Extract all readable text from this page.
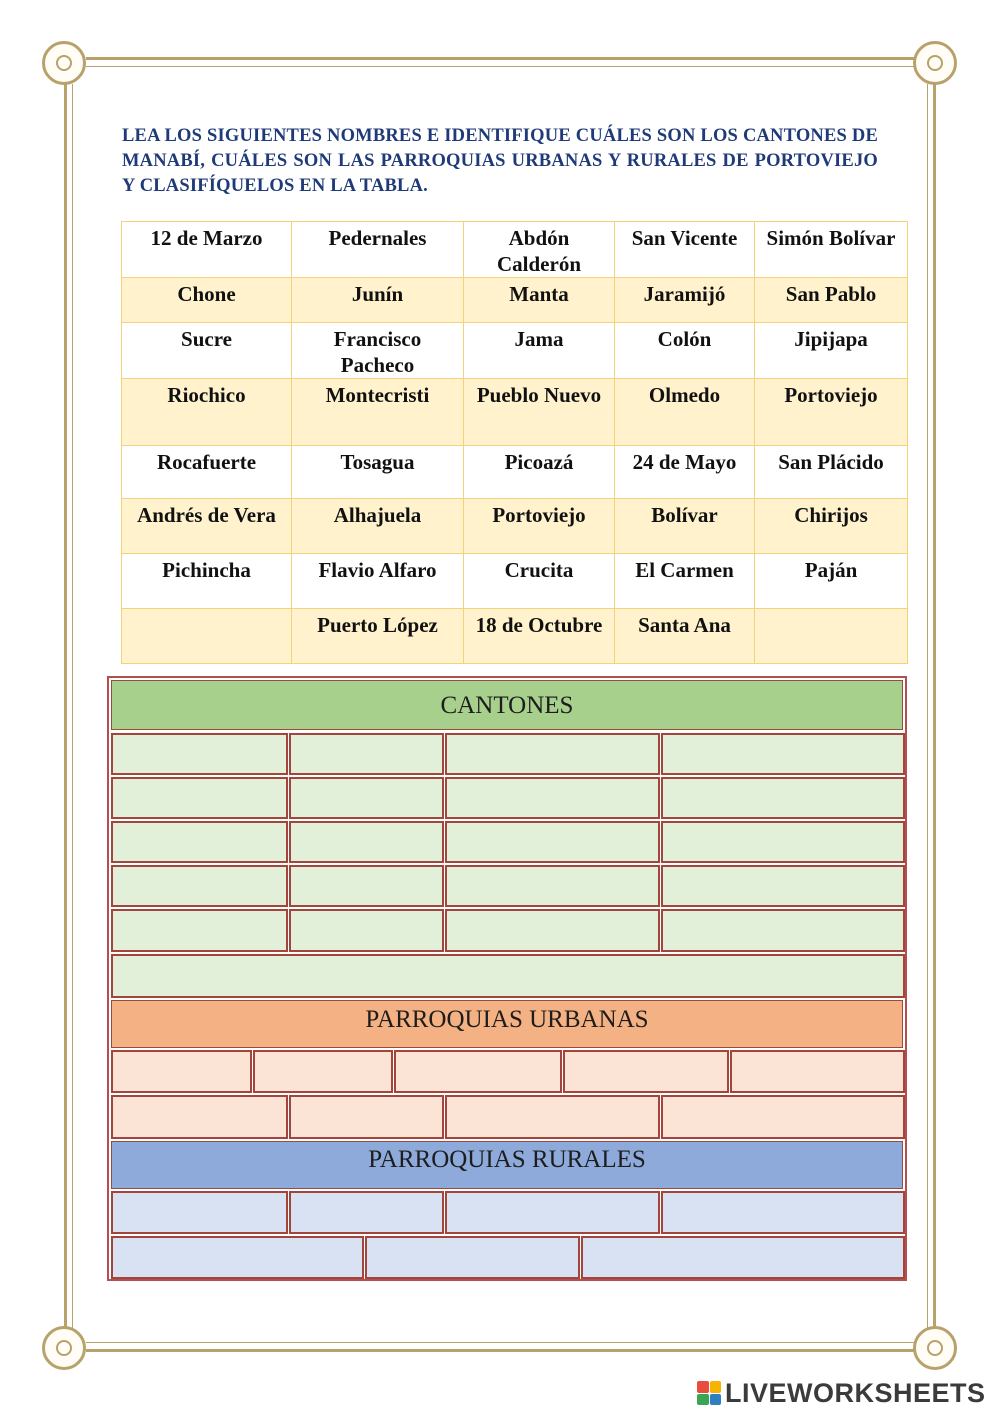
LEA LOS SIGUIENTES NOMBRES E IDENTIFIQUE CUÁLES SON LOS CANTONES DE MANABÍ, CUÁLES SON LAS PARROQUIAS URBANAS Y RURALES DE PORTOVIEJO Y CLASIFÍQUELOS EN LA TABLA.

12 de Marzo	Pedernales	Abdón Calderón	San Vicente	Simón Bolívar
Chone	Junín	Manta	Jaramijó	San Pablo
Sucre	Francisco Pacheco	Jama	Colón	Jipijapa
Riochico	Montecristi	Pueblo Nuevo	Olmedo	Portoviejo
Rocafuerte	Tosagua	Picoazá	24 de Mayo	San Plácido
Andrés de Vera	Alhajuela	Portoviejo	Bolívar	Chirijos
Pichincha	Flavio Alfaro	Crucita	El Carmen	Paján
	Puerto López	18 de Octubre	Santa Ana	
CANTONES
PARROQUIAS URBANAS
PARROQUIAS RURALES
LIVEWORKSHEETS
